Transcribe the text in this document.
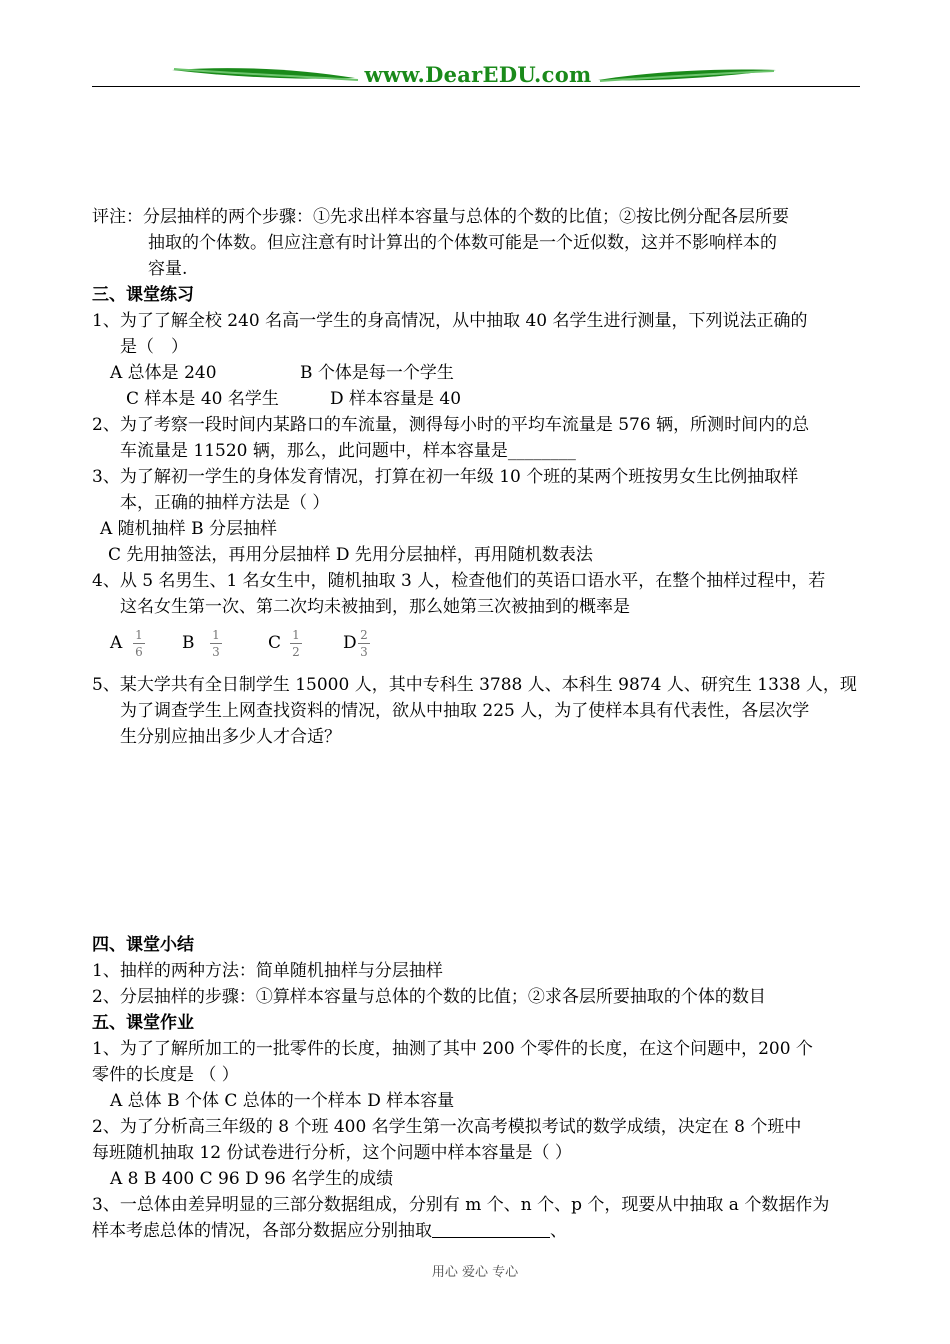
www.DearEDU.com
评注：分层抽样的两个步骤：①先求出样本容量与总体的个数的比值；②按比例分配各层所要
抽取的个体数。但应注意有时计算出的个体数可能是一个近似数，这并不影响样本的
容量.
三、课堂练习
1、为了了解全校 240 名高一学生的身高情况，从中抽取 40 名学生进行测量，下列说法正确的
是（　）
A 总体是 240	B 个体是每一个学生
C 样本是 40 名学生	D 样本容量是 40
2、为了考察一段时间内某路口的车流量，测得每小时的平均车流量是 576 辆，所测时间内的总
车流量是 11520 辆，那么，此问题中，样本容量是________
3、为了解初一学生的身体发育情况，打算在初一年级 10 个班的某两个班按男女生比例抽取样
本，正确的抽样方法是（ ）
A 随机抽样 B 分层抽样
C 先用抽签法，再用分层抽样 D 先用分层抽样，再用随机数表法
4、从 5 名男生、1 名女生中，随机抽取 3 人，检查他们的英语口语水平，在整个抽样过程中，若
这名女生第一次、第二次均未被抽到，那么她第三次被抽到的概率是
A 1
6 B 1
3	C 1
2	D 2
3
5、某大学共有全日制学生 15000 人，其中专科生 3788 人、本科生 9874 人、研究生 1338 人，现
为了调查学生上网查找资料的情况，欲从中抽取 225 人，为了使样本具有代表性，各层次学
生分别应抽出多少人才合适？
四、课堂小结
1、抽样的两种方法：简单随机抽样与分层抽样
2、分层抽样的步骤：①算样本容量与总体的个数的比值；②求各层所要抽取的个体的数目
五、课堂作业
1、为了了解所加工的一批零件的长度，抽测了其中 200 个零件的长度，在这个问题中，200 个
零件的长度是 （ ）
A 总体 B 个体 C 总体的一个样本 D 样本容量
2、为了分析高三年级的 8 个班 400 名学生第一次高考模拟考试的数学成绩，决定在 8 个班中
每班随机抽取 12 份试卷进行分析，这个问题中样本容量是（ ）
A 8 B 400 C 96 D 96 名学生的成绩
3、一总体由差异明显的三部分数据组成，分别有 m 个、n 个、p 个，现要从中抽取 a 个数据作为
样本考虑总体的情况，各部分数据应分别抽取	、
用心 爱心 专心
